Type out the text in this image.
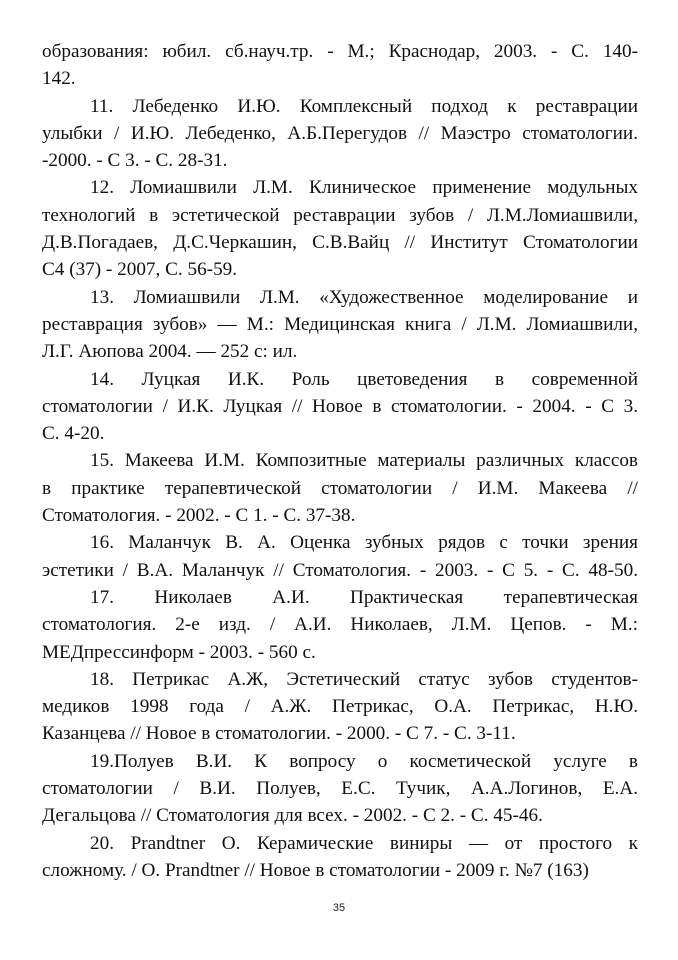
образования: юбил. сб.науч.тр. - М.; Краснодар, 2003. - С. 140-
142.
11. Лебеденко И.Ю. Комплексный подход к реставрации
улыбки / И.Ю. Лебеденко, А.Б.Перегудов // Маэстро стоматологии.
-2000. - С 3. - С. 28-31.
12. Ломиашвили Л.М. Клиническое применение модульных
технологий в эстетической реставрации зубов / Л.М.Ломиашвили,
Д.В.Погадаев, Д.С.Черкашин, С.В.Вайц // Институт Стоматологии
С4 (37) - 2007, С. 56-59.
13. Ломиашвили Л.М. «Художественное моделирование и
реставрация зубов» — М.: Медицинская книга / Л.М. Ломиашвили,
Л.Г. Аюпова 2004. — 252 с: ил.
14. Луцкая И.К. Роль цветоведения в современной
стоматологии / И.К. Луцкая // Новое в стоматологии. - 2004. - С 3.
С. 4-20.
15. Макеева И.М. Композитные материалы различных классов
в практике терапевтической стоматологии / И.М. Макеева //
Стоматология. - 2002. - С 1. - С. 37-38.
16. Маланчук В. А. Оценка зубных рядов с точки зрения
эстетики / В.А. Маланчук // Стоматология. - 2003. - С 5. - С. 48-50.
17. Николаев А.И. Практическая терапевтическая
стоматология. 2-е изд. / А.И. Николаев, Л.М. Цепов. - М.:
МЕДпрессинформ - 2003. - 560 с.
18. Петрикас А.Ж, Эстетический статус зубов студентов-
медиков 1998 года / А.Ж. Петрикас, О.А. Петрикас, Н.Ю.
Казанцева // Новое в стоматологии. - 2000. - С 7. - С. 3-11.
19.Полуев В.И. К вопросу о косметической услуге в
стоматологии / В.И. Полуев, Е.С. Тучик, А.А.Логинов, Е.А.
Дегальцова // Стоматология для всех. - 2002. - С 2. - С. 45-46.
20. Prandtner О. Керамические виниры — от простого к
сложному. / О. Prandtner // Новое в стоматологии - 2009 г. №7 (163)
35
